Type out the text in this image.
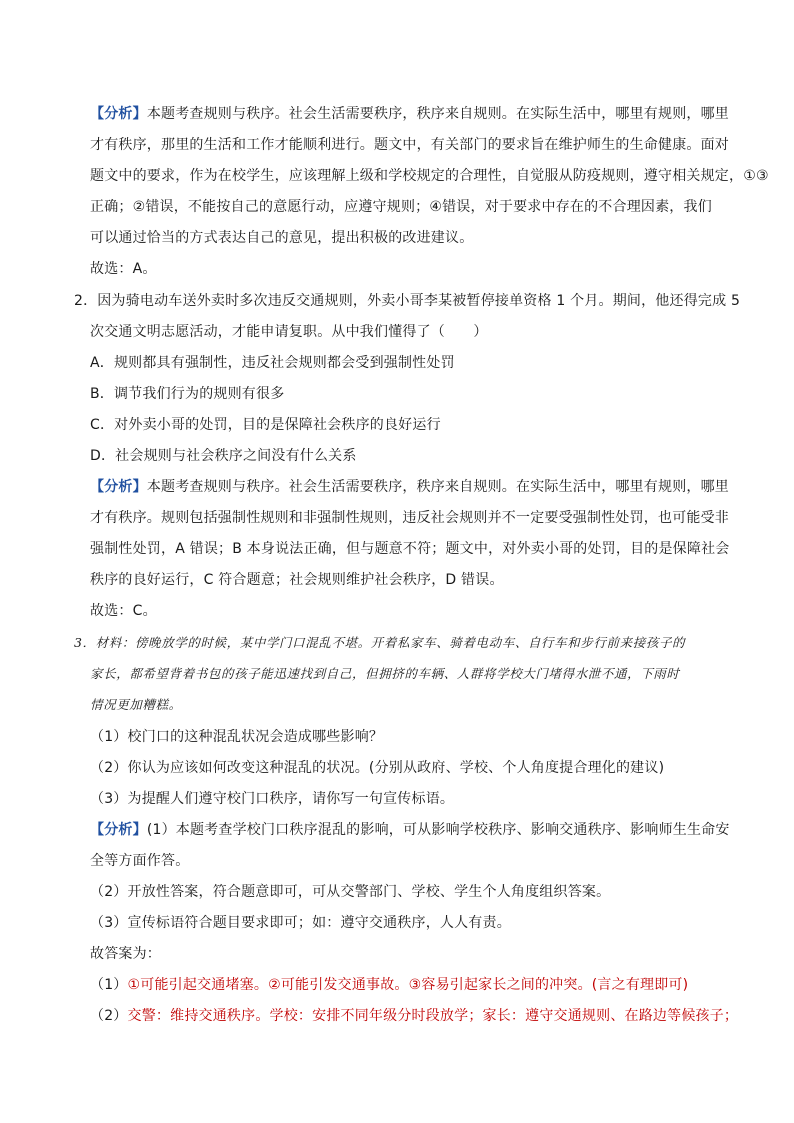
【分析】本题考查规则与秩序。社会生活需要秩序，秩序来自规则。在实际生活中，哪里有规则，哪里
才有秩序，那里的生活和工作才能顺利进行。题文中，有关部门的要求旨在维护师生的生命健康。面对
题文中的要求，作为在校学生，应该理解上级和学校规定的合理性，自觉服从防疫规则，遵守相关规定，①③
正确；②错误，不能按自己的意愿行动，应遵守规则；④错误，对于要求中存在的不合理因素，我们
可以通过恰当的方式表达自己的意见，提出积极的改进建议。
故选：A。
2．因为骑电动车送外卖时多次违反交通规则，外卖小哥李某被暂停接单资格 1 个月。期间，他还得完成 5
次交通文明志愿活动，才能申请复职。从中我们懂得了（　　）
A．规则都具有强制性，违反社会规则都会受到强制性处罚
B．调节我们行为的规则有很多
C．对外卖小哥的处罚，目的是保障社会秩序的良好运行
D．社会规则与社会秩序之间没有什么关系
【分析】本题考查规则与秩序。社会生活需要秩序，秩序来自规则。在实际生活中，哪里有规则，哪里
才有秩序。规则包括强制性规则和非强制性规则，违反社会规则并不一定要受强制性处罚，也可能受非
强制性处罚，A 错误；B 本身说法正确，但与题意不符；题文中，对外卖小哥的处罚，目的是保障社会
秩序的良好运行，C 符合题意；社会规则维护社会秩序，D 错误。
故选：C。
3．材料：傍晚放学的时候，某中学门口混乱不堪。开着私家车、骑着电动车、自行车和步行前来接孩子的
家长，都希望背着书包的孩子能迅速找到自己，但拥挤的车辆、人群将学校大门堵得水泄不通，下雨时
情况更加糟糕。
（1）校门口的这种混乱状况会造成哪些影响？
（2）你认为应该如何改变这种混乱的状况。(分别从政府、学校、个人角度提合理化的建议)
（3）为提醒人们遵守校门口秩序，请你写一句宣传标语。
【分析】(1）本题考查学校门口秩序混乱的影响，可从影响学校秩序、影响交通秩序、影响师生生命安
全等方面作答。
（2）开放性答案，符合题意即可，可从交警部门、学校、学生个人角度组织答案。
（3）宣传标语符合题目要求即可；如：遵守交通秩序，人人有责。
故答案为：
（1）①可能引起交通堵塞。②可能引发交通事故。③容易引起家长之间的冲突。(言之有理即可)
（2）交警：维持交通秩序。学校：安排不同年级分时段放学；家长：遵守交通规则、在路边等候孩子；
